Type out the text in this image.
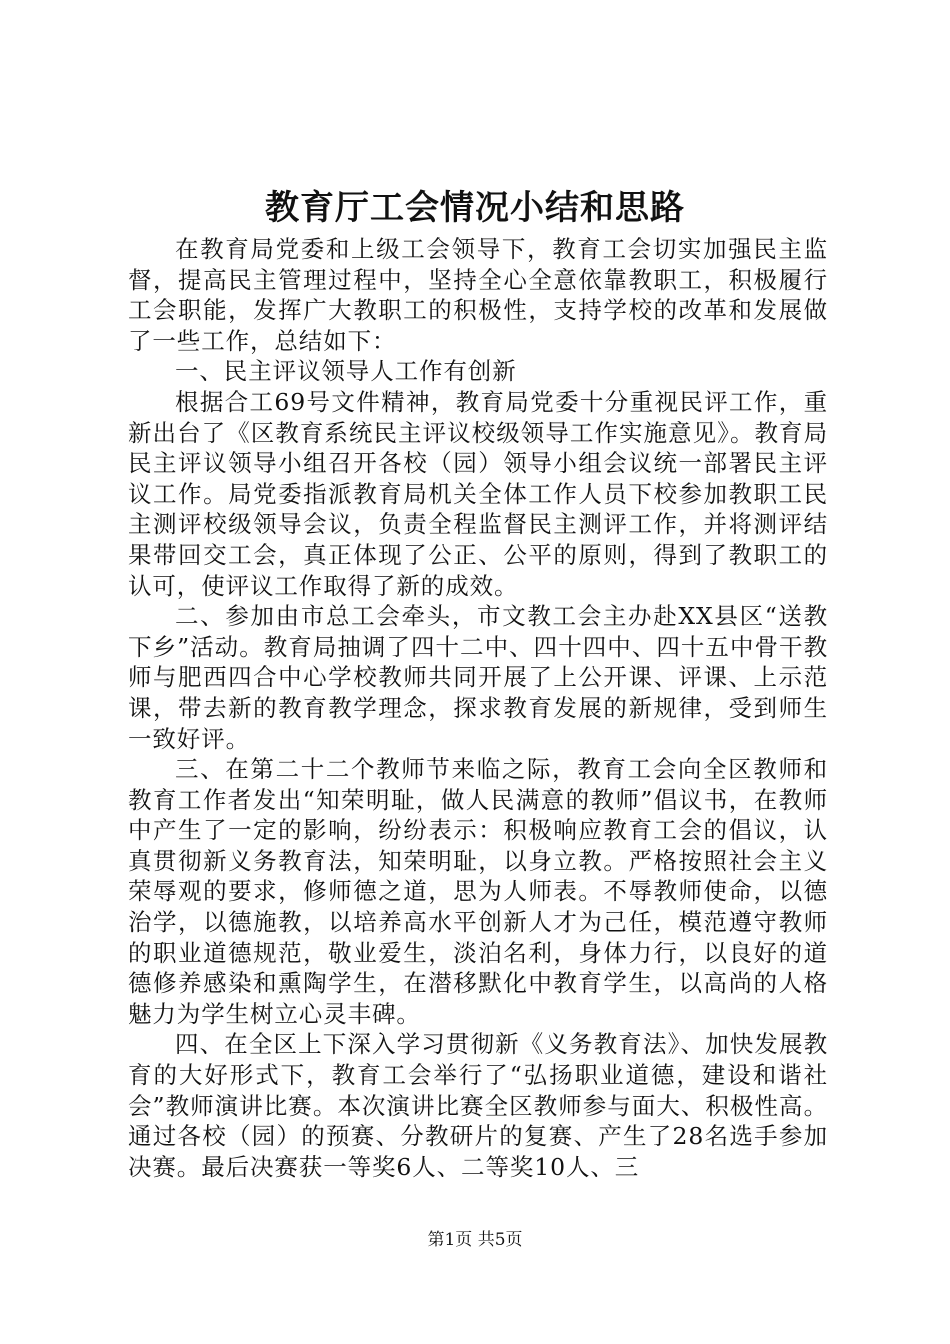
教育厅工会情况小结和思路

在教育局党委和上级工会领导下，教育工会切实加强民主监督，提高民主管理过程中，坚持全心全意依靠教职工，积极履行工会职能，发挥广大教职工的积极性，支持学校的改革和发展做了一些工作，总结如下：

一、民主评议领导人工作有创新

根据合工69号文件精神，教育局党委十分重视民评工作，重新出台了《区教育系统民主评议校级领导工作实施意见》。教育局民主评议领导小组召开各校（园）领导小组会议统一部署民主评议工作。局党委指派教育局机关全体工作人员下校参加教职工民主测评校级领导会议，负责全程监督民主测评工作，并将测评结果带回交工会，真正体现了公正、公平的原则，得到了教职工的认可，使评议工作取得了新的成效。

二、参加由市总工会牵头，市文教工会主办赴XX县区“送教下乡”活动。教育局抽调了四十二中、四十四中、四十五中骨干教师与肥西四合中心学校教师共同开展了上公开课、评课、上示范课，带去新的教育教学理念，探求教育发展的新规律，受到师生一致好评。

三、在第二十二个教师节来临之际，教育工会向全区教师和教育工作者发出“知荣明耻，做人民满意的教师”倡议书，在教师中产生了一定的影响，纷纷表示：积极响应教育工会的倡议，认真贯彻新义务教育法，知荣明耻，以身立教。严格按照社会主义荣辱观的要求，修师德之道，思为人师表。不辱教师使命，以德治学，以德施教，以培养高水平创新人才为己任，模范遵守教师的职业道德规范，敬业爱生，淡泊名利，身体力行，以良好的道德修养感染和熏陶学生，在潜移默化中教育学生，以高尚的人格魅力为学生树立心灵丰碑。

四、在全区上下深入学习贯彻新《义务教育法》、加快发展教育的大好形式下，教育工会举行了“弘扬职业道德，建设和谐社会”教师演讲比赛。本次演讲比赛全区教师参与面大、积极性高。通过各校（园）的预赛、分教研片的复赛、产生了28名选手参加决赛。最后决赛获一等奖6人、二等奖10人、三

第1页 共5页
